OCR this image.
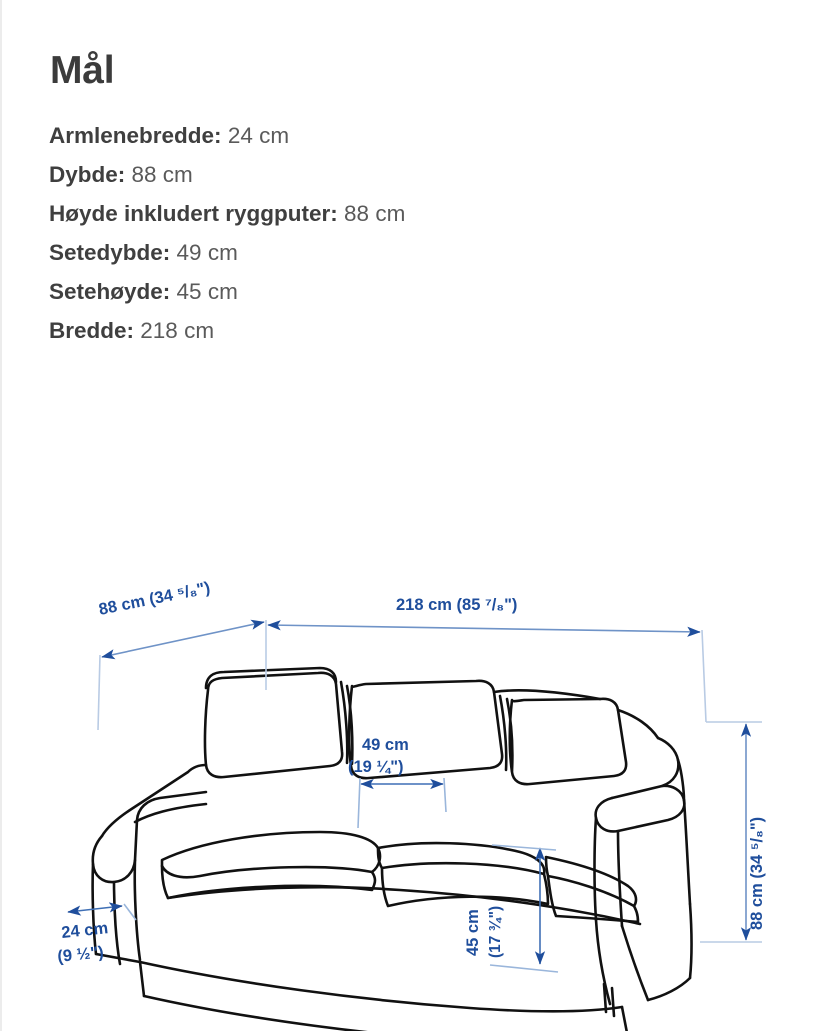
Mål
Armlenebredde: 24 cm
Dybde: 88 cm
Høyde inkludert ryggputer: 88 cm
Setedybde: 49 cm
Setehøyde: 45 cm
Bredde: 218 cm
88 cm (34 ⁵/₈")	218 cm (85 ⁷/₈")
88 cm (34 ⁵/₈")
49 cm
(19 ¼")
45 cm (17 ¾")
24 cm
(9 ½")
